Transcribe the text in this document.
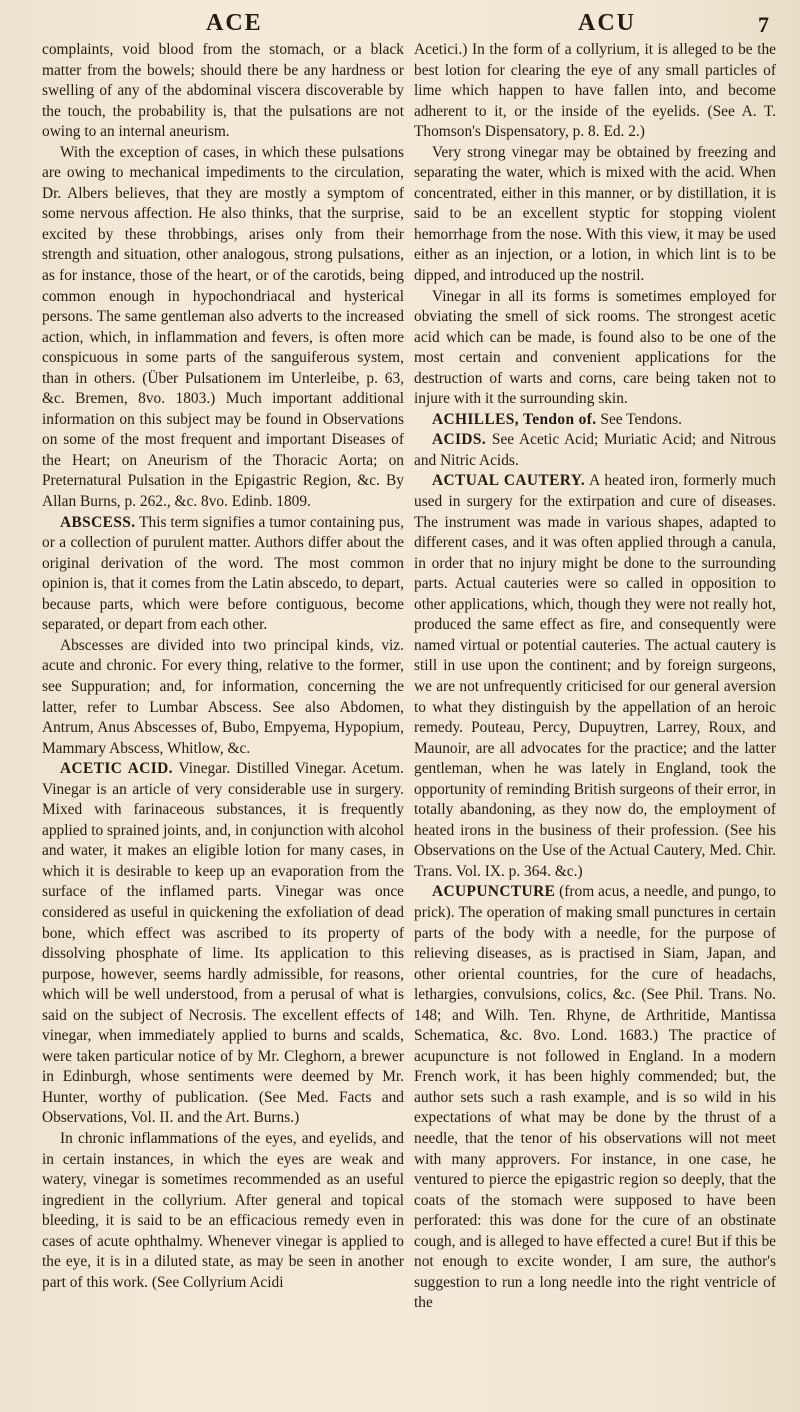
ACE	ACU	7

complaints, void blood from the stomach, or a black matter from the bowels; should there be any hardness or swelling of any of the abdominal viscera discoverable by the touch, the probability is, that the pulsations are not owing to an internal aneurism.

With the exception of cases, in which these pulsations are owing to mechanical impediments to the circulation, Dr. Albers believes, that they are mostly a symptom of some nervous affection. He also thinks, that the surprise, excited by these throbbings, arises only from their strength and situation, other analogous, strong pulsations, as for instance, those of the heart, or of the carotids, being common enough in hypochondriacal and hysterical persons. The same gentleman also adverts to the increased action, which, in inflammation and fevers, is often more conspicuous in some parts of the sanguiferous system, than in others. (Über Pulsationem im Unterleibe, p. 63, &c. Bremen, 8vo. 1803.) Much important additional information on this subject may be found in Observations on some of the most frequent and important Diseases of the Heart; on Aneurism of the Thoracic Aorta; on Preternatural Pulsation in the Epigastric Region, &c. By Allan Burns, p. 262., &c. 8vo. Edinb. 1809.

ABSCESS. This term signifies a tumor containing pus, or a collection of purulent matter. Authors differ about the original derivation of the word. The most common opinion is, that it comes from the Latin abscedo, to depart, because parts, which were before contiguous, become separated, or depart from each other.

Abscesses are divided into two principal kinds, viz. acute and chronic. For every thing, relative to the former, see Suppuration; and, for information, concerning the latter, refer to Lumbar Abscess. See also Abdomen, Antrum, Anus Abscesses of, Bubo, Empyema, Hypopium, Mammary Abscess, Whitlow, &c.

ACETIC ACID. Vinegar. Distilled Vinegar. Acetum. Vinegar is an article of very considerable use in surgery. Mixed with farinaceous substances, it is frequently applied to sprained joints, and, in conjunction with alcohol and water, it makes an eligible lotion for many cases, in which it is desirable to keep up an evaporation from the surface of the inflamed parts. Vinegar was once considered as useful in quickening the exfoliation of dead bone, which effect was ascribed to its property of dissolving phosphate of lime. Its application to this purpose, however, seems hardly admissible, for reasons, which will be well understood, from a perusal of what is said on the subject of Necrosis. The excellent effects of vinegar, when immediately applied to burns and scalds, were taken particular notice of by Mr. Cleghorn, a brewer in Edinburgh, whose sentiments were deemed by Mr. Hunter, worthy of publication. (See Med. Facts and Observations, Vol. II. and the Art. Burns.)

In chronic inflammations of the eyes, and eyelids, and in certain instances, in which the eyes are weak and watery, vinegar is sometimes recommended as an useful ingredient in the collyrium. After general and topical bleeding, it is said to be an efficacious remedy even in cases of acute ophthalmy. Whenever vinegar is applied to the eye, it is in a diluted state, as may be seen in another part of this work. (See Collyrium Acidi

Acetici.) In the form of a collyrium, it is alleged to be the best lotion for clearing the eye of any small particles of lime which happen to have fallen into, and become adherent to it, or the inside of the eyelids. (See A. T. Thomson's Dispensatory, p. 8. Ed. 2.)

Very strong vinegar may be obtained by freezing and separating the water, which is mixed with the acid. When concentrated, either in this manner, or by distillation, it is said to be an excellent styptic for stopping violent hemorrhage from the nose. With this view, it may be used either as an injection, or a lotion, in which lint is to be dipped, and introduced up the nostril.

Vinegar in all its forms is sometimes employed for obviating the smell of sick rooms. The strongest acetic acid which can be made, is found also to be one of the most certain and convenient applications for the destruction of warts and corns, care being taken not to injure with it the surrounding skin.

ACHILLES, Tendon of. See Tendons.

ACIDS. See Acetic Acid; Muriatic Acid; and Nitrous and Nitric Acids.

ACTUAL CAUTERY. A heated iron, formerly much used in surgery for the extirpation and cure of diseases. The instrument was made in various shapes, adapted to different cases, and it was often applied through a canula, in order that no injury might be done to the surrounding parts. Actual cauteries were so called in opposition to other applications, which, though they were not really hot, produced the same effect as fire, and consequently were named virtual or potential cauteries. The actual cautery is still in use upon the continent; and by foreign surgeons, we are not unfrequently criticised for our general aversion to what they distinguish by the appellation of an heroic remedy. Pouteau, Percy, Dupuytren, Larrey, Roux, and Maunoir, are all advocates for the practice; and the latter gentleman, when he was lately in England, took the opportunity of reminding British surgeons of their error, in totally abandoning, as they now do, the employment of heated irons in the business of their profession. (See his Observations on the Use of the Actual Cautery, Med. Chir. Trans. Vol. IX. p. 364. &c.)

ACUPUNCTURE (from acus, a needle, and pungo, to prick). The operation of making small punctures in certain parts of the body with a needle, for the purpose of relieving diseases, as is practised in Siam, Japan, and other oriental countries, for the cure of headachs, lethargies, convulsions, colics, &c. (See Phil. Trans. No. 148; and Wilh. Ten. Rhyne, de Arthritide, Mantissa Schematica, &c. 8vo. Lond. 1683.) The practice of acupuncture is not followed in England. In a modern French work, it has been highly commended; but, the author sets such a rash example, and is so wild in his expectations of what may be done by the thrust of a needle, that the tenor of his observations will not meet with many approvers. For instance, in one case, he ventured to pierce the epigastric region so deeply, that the coats of the stomach were supposed to have been perforated: this was done for the cure of an obstinate cough, and is alleged to have effected a cure! But if this be not enough to excite wonder, I am sure, the author's suggestion to run a long needle into the right ventricle of the
